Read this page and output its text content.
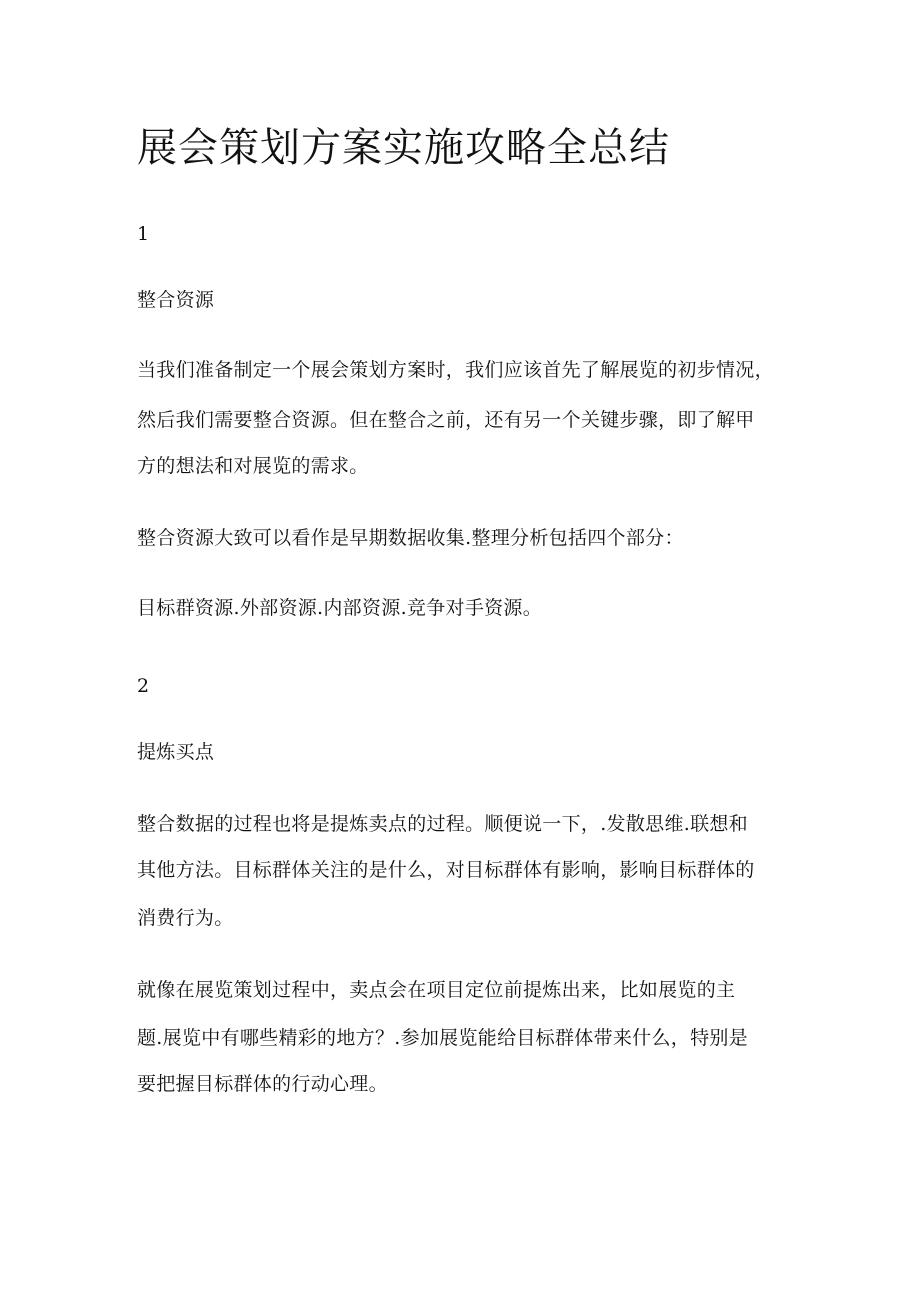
展会策划方案实施攻略全总结

1

整合资源

当我们准备制定一个展会策划方案时，我们应该首先了解展览的初步情况，

然后我们需要整合资源。但在整合之前，还有另一个关键步骤，即了解甲

方的想法和对展览的需求。

整合资源大致可以看作是早期数据收集.整理分析包括四个部分：

目标群资源.外部资源.内部资源.竞争对手资源。

2

提炼买点

整合数据的过程也将是提炼卖点的过程。顺便说一下，.发散思维.联想和

其他方法。目标群体关注的是什么，对目标群体有影响，影响目标群体的

消费行为。

就像在展览策划过程中，卖点会在项目定位前提炼出来，比如展览的主

题.展览中有哪些精彩的地方？.参加展览能给目标群体带来什么，特别是

要把握目标群体的行动心理。
